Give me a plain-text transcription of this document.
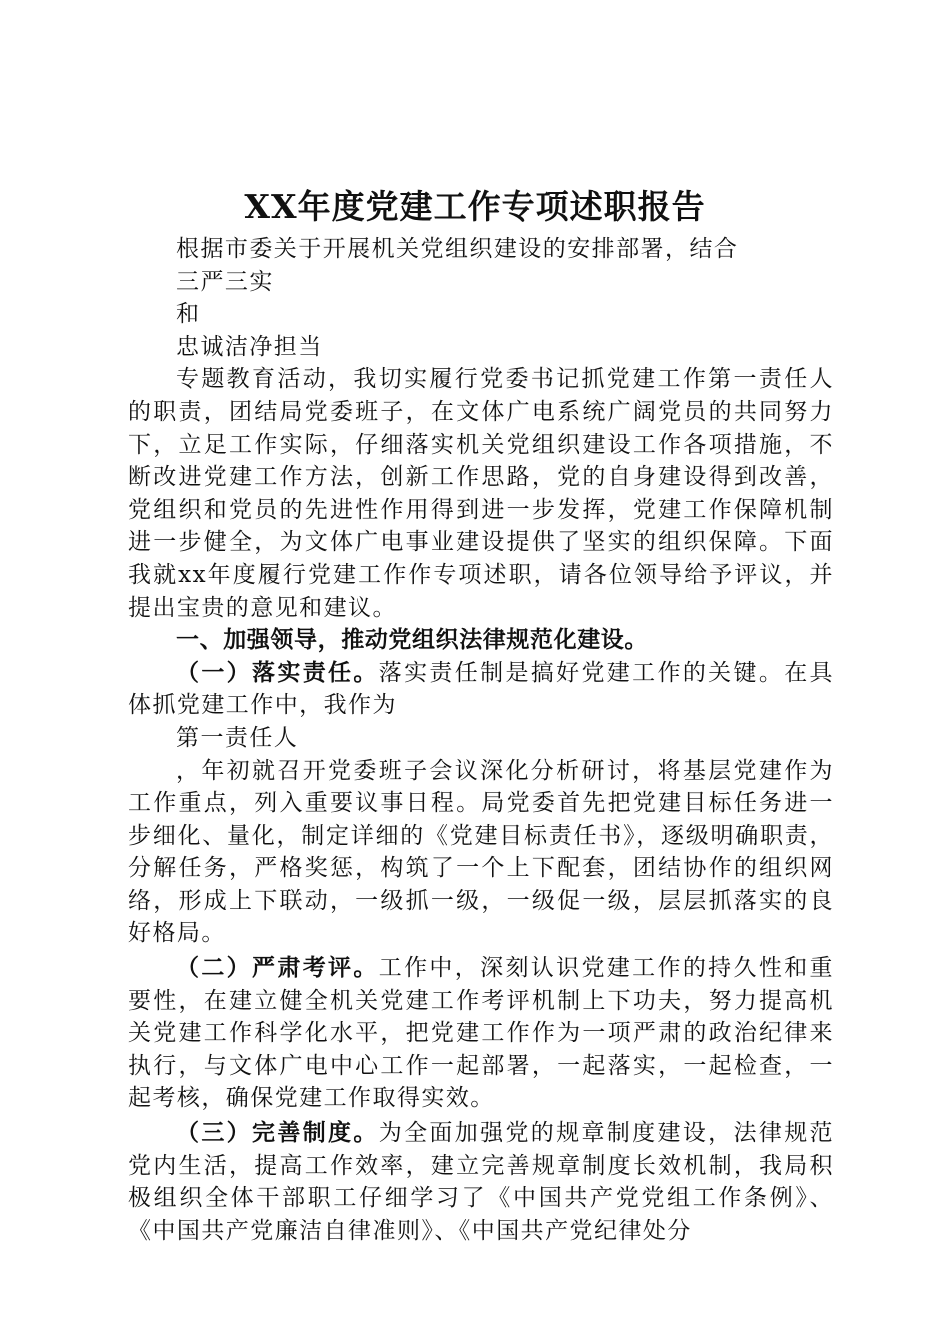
XX年度党建工作专项述职报告

根据市委关于开展机关党组织建设的安排部署，结合

三严三实

和

忠诚洁净担当

专题教育活动，我切实履行党委书记抓党建工作第一责任人的职责，团结局党委班子，在文体广电系统广阔党员的共同努力下，立足工作实际，仔细落实机关党组织建设工作各项措施，不断改进党建工作方法，创新工作思路，党的自身建设得到改善，党组织和党员的先进性作用得到进一步发挥，党建工作保障机制进一步健全，为文体广电事业建设提供了坚实的组织保障。下面我就xx年度履行党建工作作专项述职，请各位领导给予评议，并提出宝贵的意见和建议。

一、加强领导，推动党组织法律规范化建设。

（一）落实责任。落实责任制是搞好党建工作的关键。在具体抓党建工作中，我作为

第一责任人

，年初就召开党委班子会议深化分析研讨，将基层党建作为工作重点，列入重要议事日程。局党委首先把党建目标任务进一步细化、量化，制定详细的《党建目标责任书》，逐级明确职责，分解任务，严格奖惩，构筑了一个上下配套，团结协作的组织网络，形成上下联动，一级抓一级，一级促一级，层层抓落实的良好格局。

（二）严肃考评。工作中，深刻认识党建工作的持久性和重要性，在建立健全机关党建工作考评机制上下功夫，努力提高机关党建工作科学化水平，把党建工作作为一项严肃的政治纪律来执行，与文体广电中心工作一起部署，一起落实，一起检查，一起考核，确保党建工作取得实效。

（三）完善制度。为全面加强党的规章制度建设，法律规范党内生活，提高工作效率，建立完善规章制度长效机制，我局积极组织全体干部职工仔细学习了《中国共产党党组工作条例》、《中国共产党廉洁自律准则》、《中国共产党纪律处分
